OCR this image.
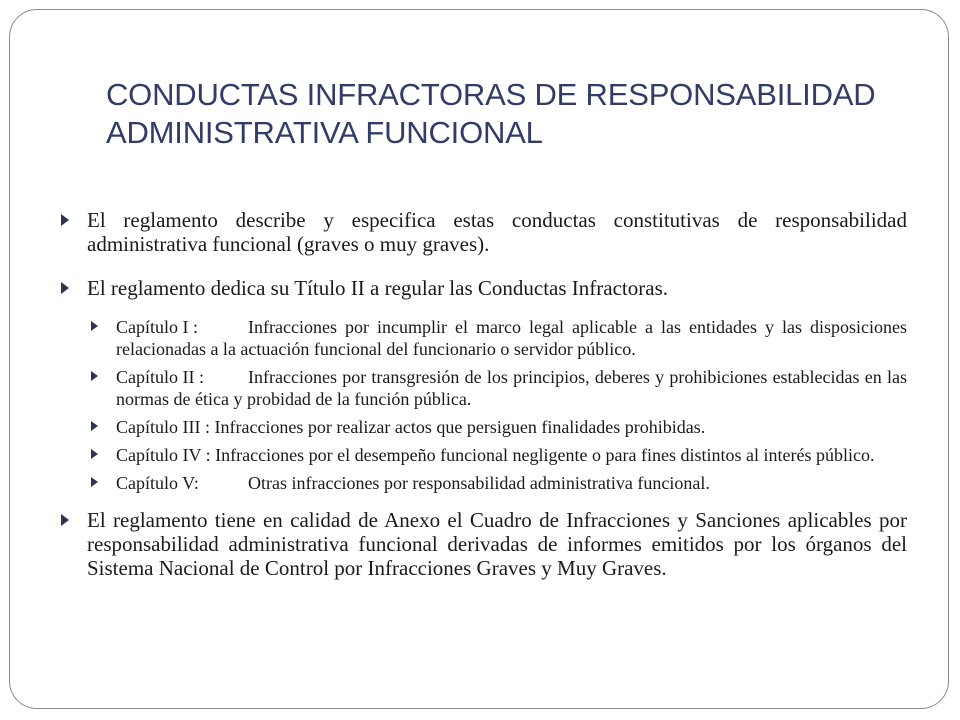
CONDUCTAS INFRACTORAS DE RESPONSABILIDAD
ADMINISTRATIVA FUNCIONAL
El reglamento describe y especifica estas conductas constitutivas de responsabilidad administrativa funcional (graves o muy graves).
El reglamento dedica su Título II a regular las Conductas Infractoras.
Capítulo I :	Infracciones por incumplir el marco legal aplicable a las entidades y las disposiciones relacionadas a la actuación funcional del funcionario o servidor público.
Capítulo II : Infracciones por transgresión de los principios, deberes y prohibiciones establecidas en las normas de ética y probidad de la función pública.
Capítulo III : Infracciones por realizar actos que persiguen finalidades prohibidas.
Capítulo IV : Infracciones por el desempeño funcional negligente o para fines distintos al interés público.
Capítulo V:	Otras infracciones por responsabilidad administrativa funcional.
El reglamento tiene en calidad de Anexo el Cuadro de Infracciones y Sanciones aplicables por responsabilidad administrativa funcional derivadas de informes emitidos por los órganos del Sistema Nacional de Control por Infracciones Graves y Muy Graves.
